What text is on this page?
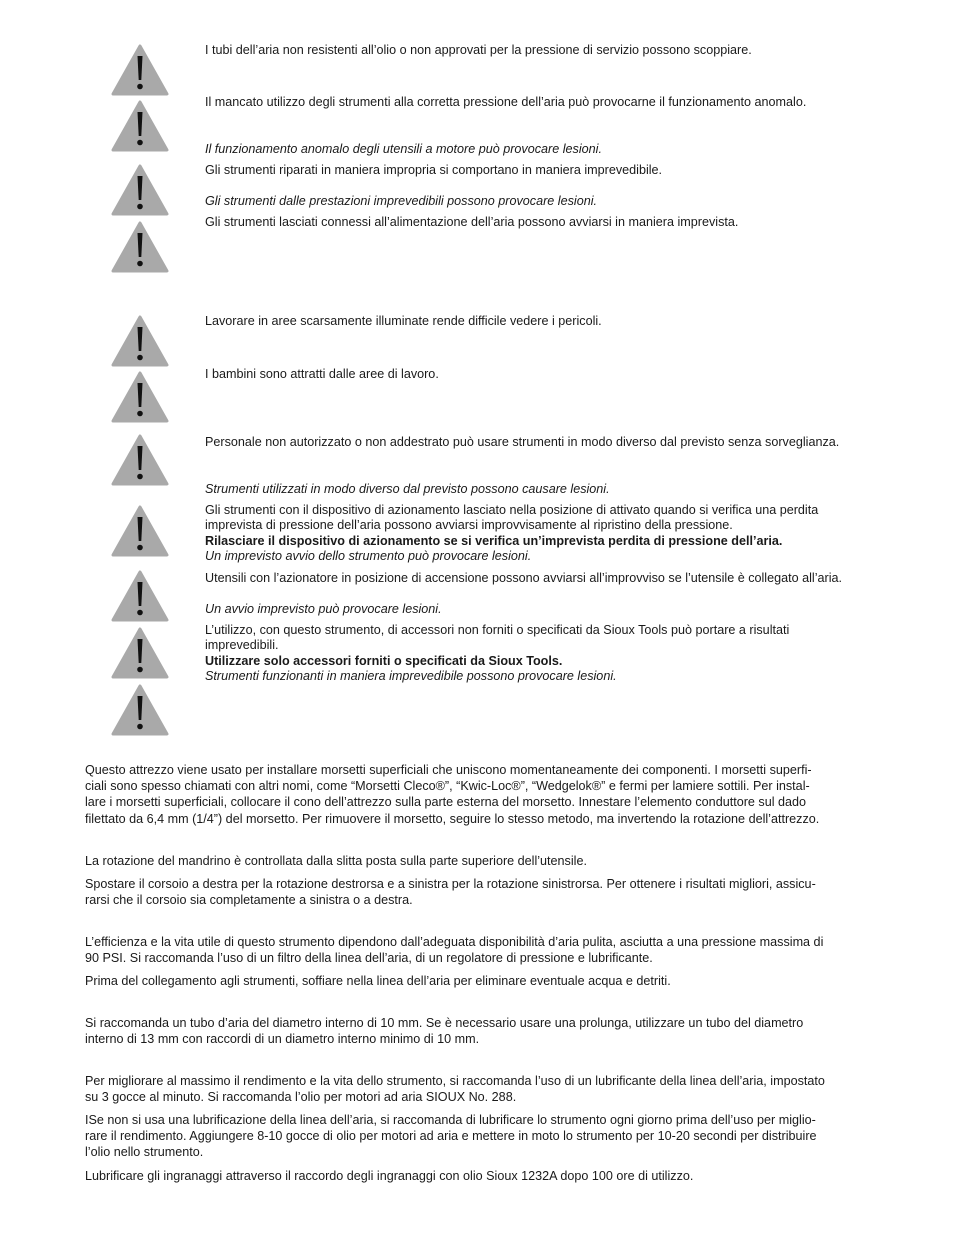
I tubi dell’aria non resistenti all’olio o non approvati per la pressione di servizio possono scoppiare.
Il mancato utilizzo degli strumenti alla corretta pressione dell’aria può provocarne il funzionamento anomalo.
Il funzionamento anomalo degli utensili a motore può provocare lesioni.
Gli strumenti riparati in maniera impropria si comportano in maniera imprevedibile.
Gli strumenti dalle prestazioni imprevedibili possono provocare lesioni.
Gli strumenti lasciati connessi all’alimentazione dell’aria possono avviarsi in maniera imprevista.
Lavorare in aree scarsamente illuminate rende difficile vedere i pericoli.
I bambini sono attratti dalle aree di lavoro.
Personale non autorizzato o non addestrato può usare strumenti in modo diverso dal previsto senza sorveglianza.
Strumenti utilizzati in modo diverso dal previsto possono causare lesioni.
Gli strumenti con il dispositivo di azionamento lasciato nella posizione di attivato quando si verifica una perdita
imprevista di pressione dell’aria possono avviarsi improvvisamente al ripristino della pressione.
Rilasciare il dispositivo di azionamento se si verifica un’imprevista perdita di pressione dell’aria.
Un imprevisto avvio dello strumento può provocare lesioni.
Utensili con l’azionatore in posizione di accensione possono avviarsi all’improvviso se l’utensile è collegato all’aria.
Un avvio imprevisto può provocare lesioni.
L’utilizzo, con questo strumento, di accessori non forniti o specificati da Sioux Tools può portare a risultati
imprevedibili.
Utilizzare solo accessori forniti o specificati da Sioux Tools.
Strumenti funzionanti in maniera imprevedibile possono provocare lesioni.

Questo attrezzo viene usato per installare morsetti superficiali che uniscono momentaneamente dei componenti. I morsetti superfi-
ciali sono spesso chiamati con altri nomi, come “Morsetti Cleco®”, “Kwic-Loc®”, “Wedgelok®” e fermi per lamiere sottili. Per instal-
lare i morsetti superficiali, collocare il cono dell’attrezzo sulla parte esterna del morsetto. Innestare l’elemento conduttore sul dado
filettato da 6,4 mm (1/4”) del morsetto. Per rimuovere il morsetto, seguire lo stesso metodo, ma invertendo la rotazione dell’attrezzo.

La rotazione del mandrino è controllata dalla slitta posta sulla parte superiore dell’utensile.

Spostare il corsoio a destra per la rotazione destrorsa e a sinistra per la rotazione sinistrorsa. Per ottenere i risultati migliori, assicu-
rarsi che il corsoio sia completamente a sinistra o a destra.

L’efficienza e la vita utile di questo strumento dipendono dall’adeguata disponibilità d’aria pulita, asciutta a una pressione massima di
90 PSI. Si raccomanda l’uso di un filtro della linea dell’aria, di un regolatore di pressione e lubrificante.

Prima del collegamento agli strumenti, soffiare nella linea dell’aria per eliminare eventuale acqua e detriti.

Si raccomanda un tubo d’aria del diametro interno di 10 mm. Se è necessario usare una prolunga, utilizzare un tubo del diametro
interno di 13 mm con raccordi di un diametro interno minimo di 10 mm.

Per migliorare al massimo il rendimento e la vita dello strumento, si raccomanda l’uso di un lubrificante della linea dell’aria, impostato
su 3 gocce al minuto. Si raccomanda l’olio per motori ad aria SIOUX No. 288.

ISe non si usa una lubrificazione della linea dell’aria, si raccomanda di lubrificare lo strumento ogni giorno prima dell’uso per miglio-
rare il rendimento. Aggiungere 8-10 gocce di olio per motori ad aria e mettere in moto lo strumento per 10-20 secondi per distribuire
l’olio nello strumento.

Lubrificare gli ingranaggi attraverso il raccordo degli ingranaggi con olio Sioux 1232A dopo 100 ore di utilizzo.
